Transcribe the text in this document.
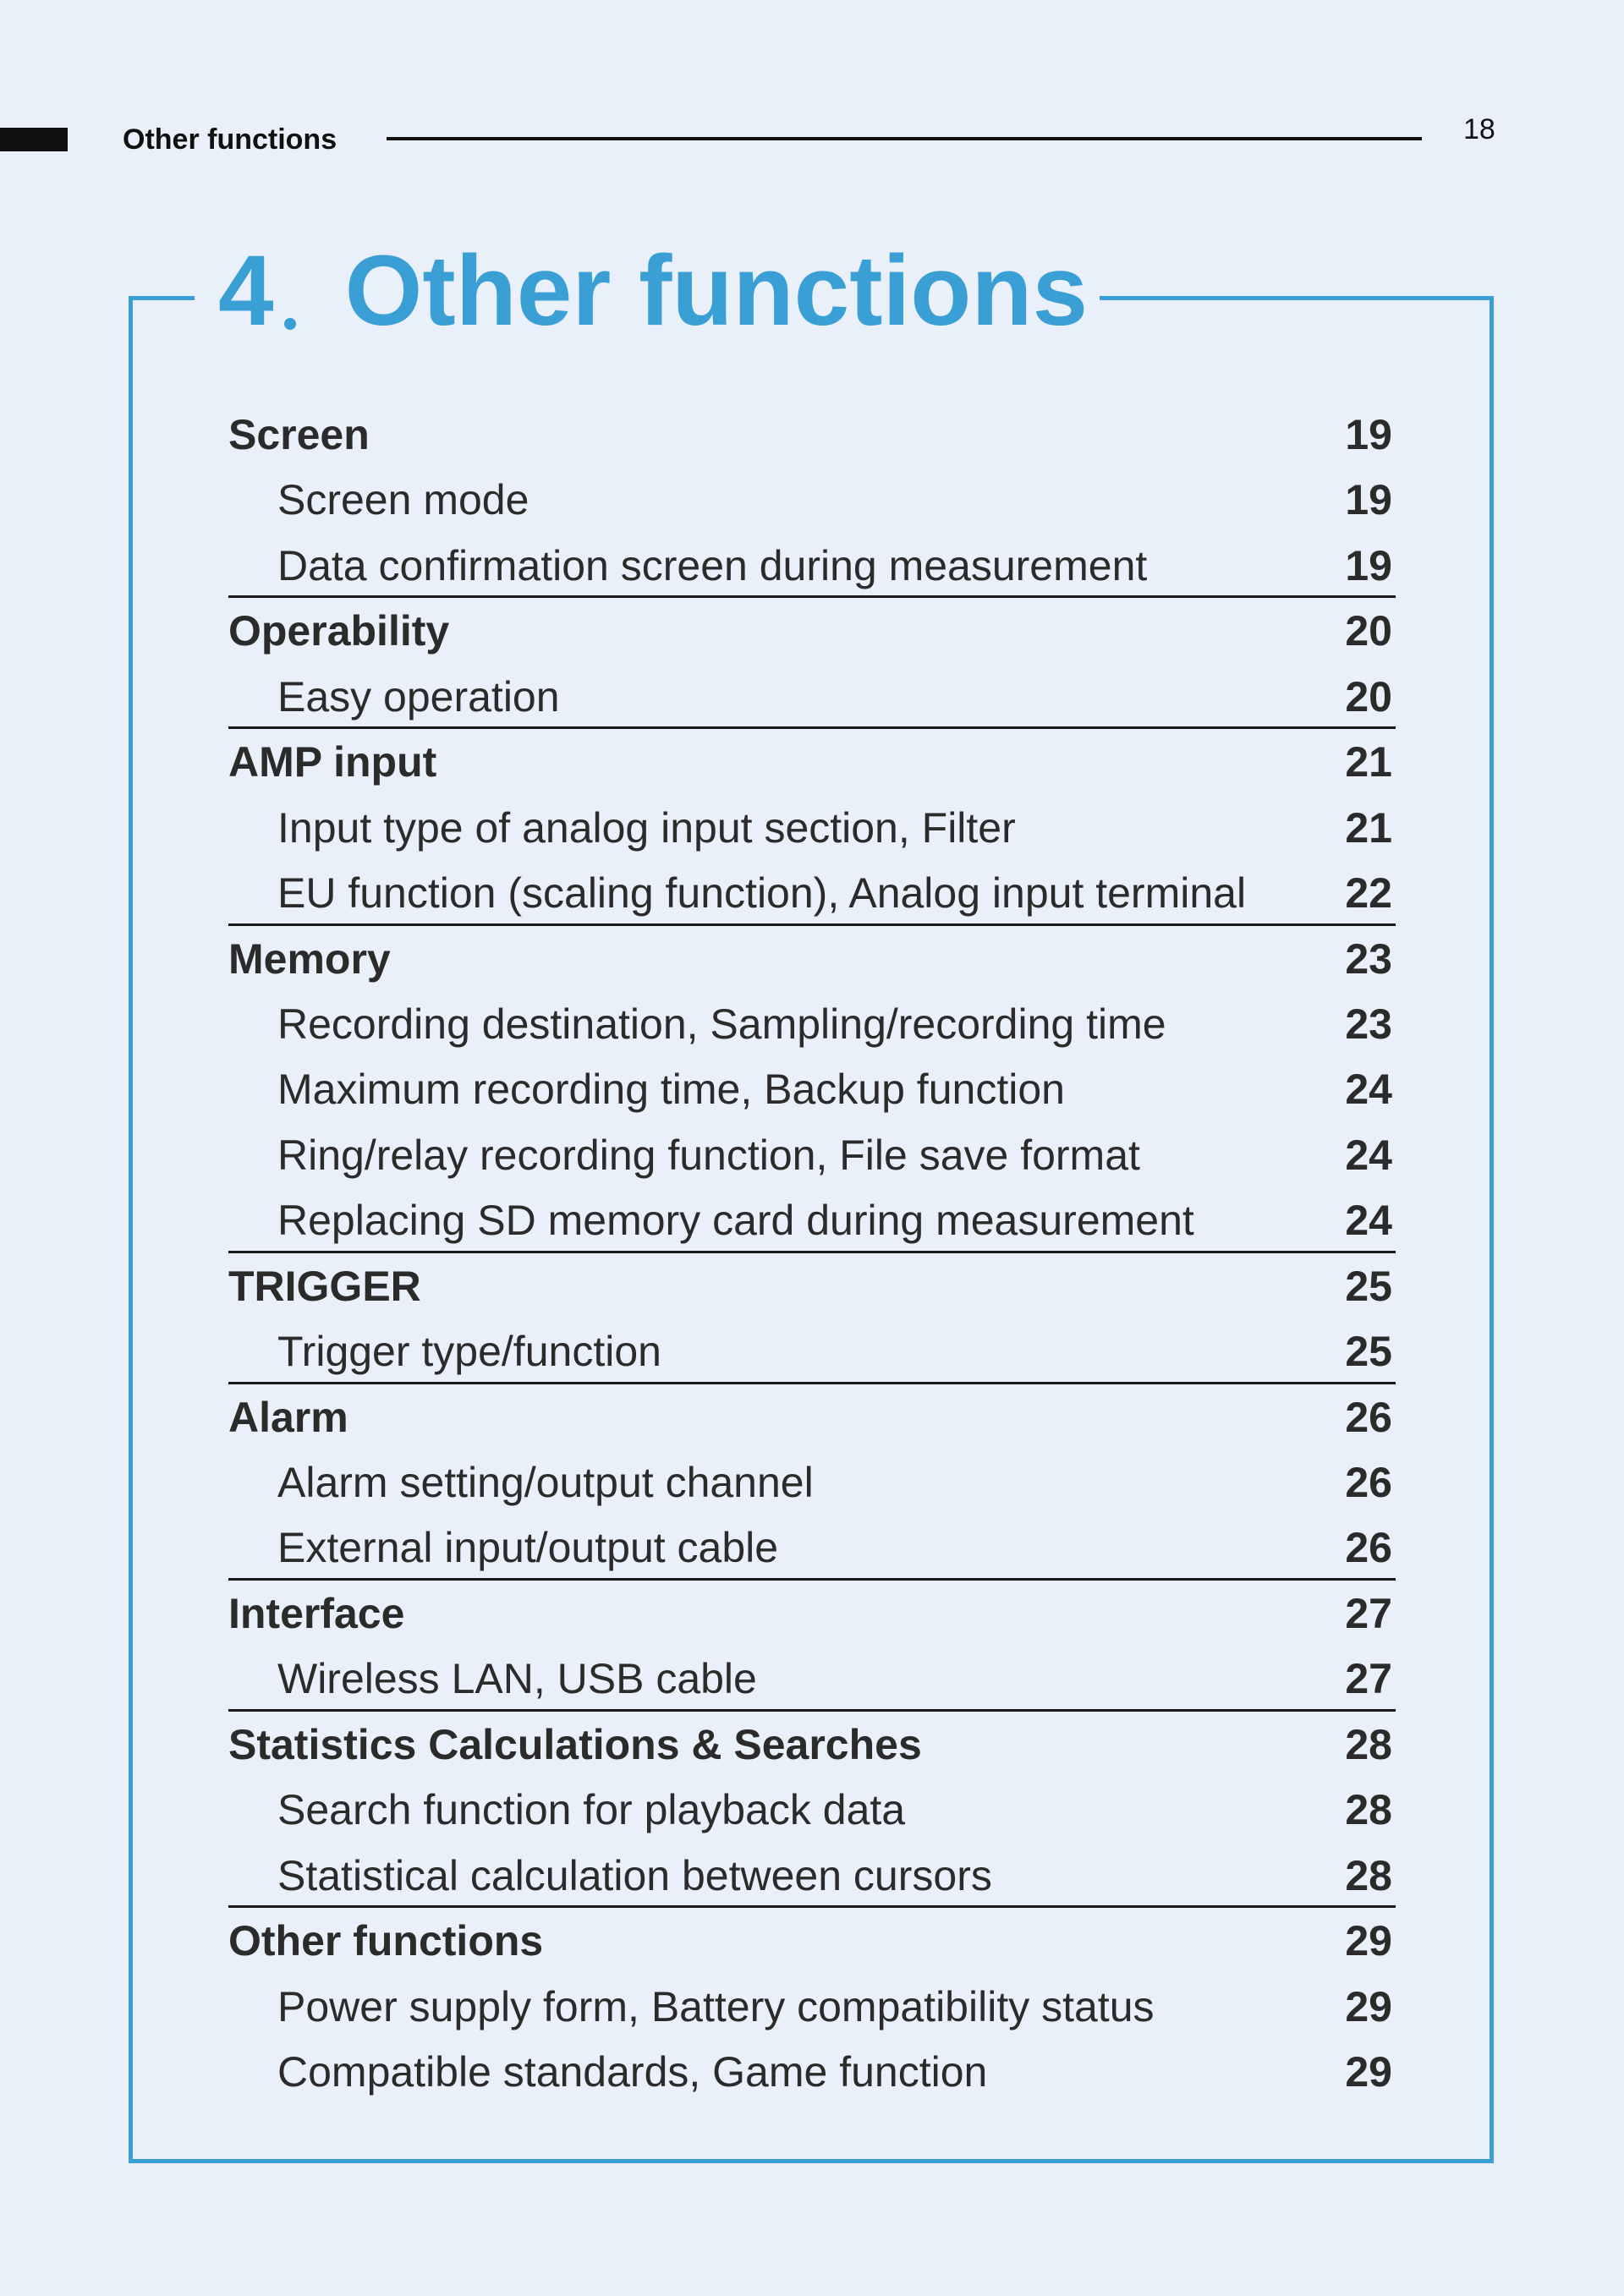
Other functions	18
4 Other functions
Screen	19
Screen mode	19
Data confirmation screen during measurement	19
Operability	20
Easy operation	20
AMP input	21
Input type of analog input section, Filter	21
EU function (scaling function), Analog input terminal 22
Memory	23
Recording destination, Sampling/recording time	23
Maximum recording time, Backup function	24
Ring/relay recording function, File save format	24
Replacing SD memory card during measurement	24
TRIGGER	25
Trigger type/function	25
Alarm	26
Alarm setting/output channel	26
External input/output cable	26
Interface	27
Wireless LAN, USB cable	27
Statistics Calculations & Searches	28
Search function for playback data	28
Statistical calculation between cursors	28
Other functions	29
Power supply form, Battery compatibility status	29
Compatible standards, Game function	29
